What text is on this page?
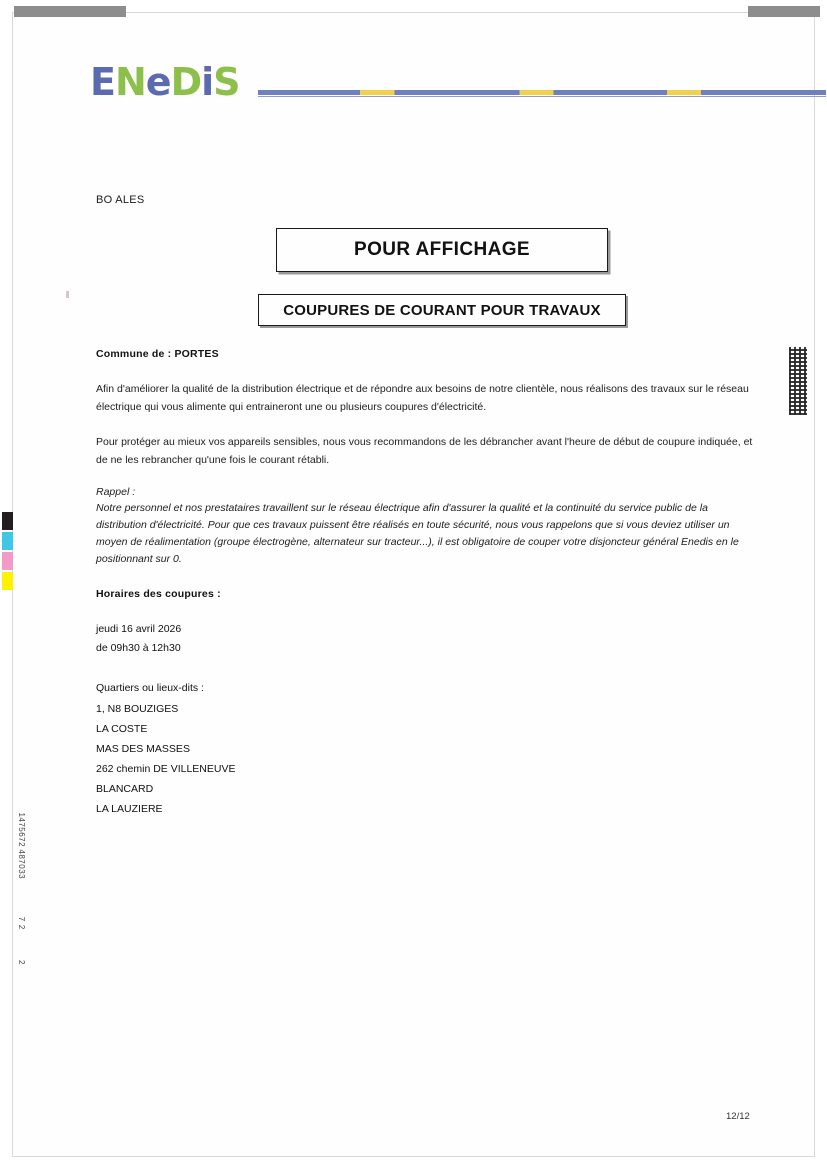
487033 1475672 2 7 2
ENeDiS
BO ALES
POUR AFFICHAGE
COUPURES DE COURANT POUR TRAVAUX
Commune de : PORTES

Afin d'améliorer la qualité de la distribution électrique et de répondre aux besoins de notre clientèle, nous réalisons des travaux sur le réseau électrique qui vous alimente qui entraineront une ou plusieurs coupures d'électricité.

Pour protéger au mieux vos appareils sensibles, nous vous recommandons de les débrancher avant l'heure de début de coupure indiquée, et de ne les rebrancher qu'une fois le courant rétabli.

Rappel :
Notre personnel et nos prestataires travaillent sur le réseau électrique afin d'assurer la qualité et la continuité du service public de la distribution d'électricité. Pour que ces travaux puissent être réalisés en toute sécurité, nous vous rappelons que si vous deviez utiliser un moyen de réalimentation (groupe électrogène, alternateur sur tracteur...), il est obligatoire de couper votre disjoncteur général Enedis en le positionnant sur 0.
Horaires des coupures :
jeudi 16 avril 2026
de 09h30 à 12h30
Quartiers ou lieux-dits :
1, N8 BOUZIGES
LA COSTE
MAS DES MASSES
262 chemin DE VILLENEUVE
BLANCARD
LA LAUZIERE
12/12
